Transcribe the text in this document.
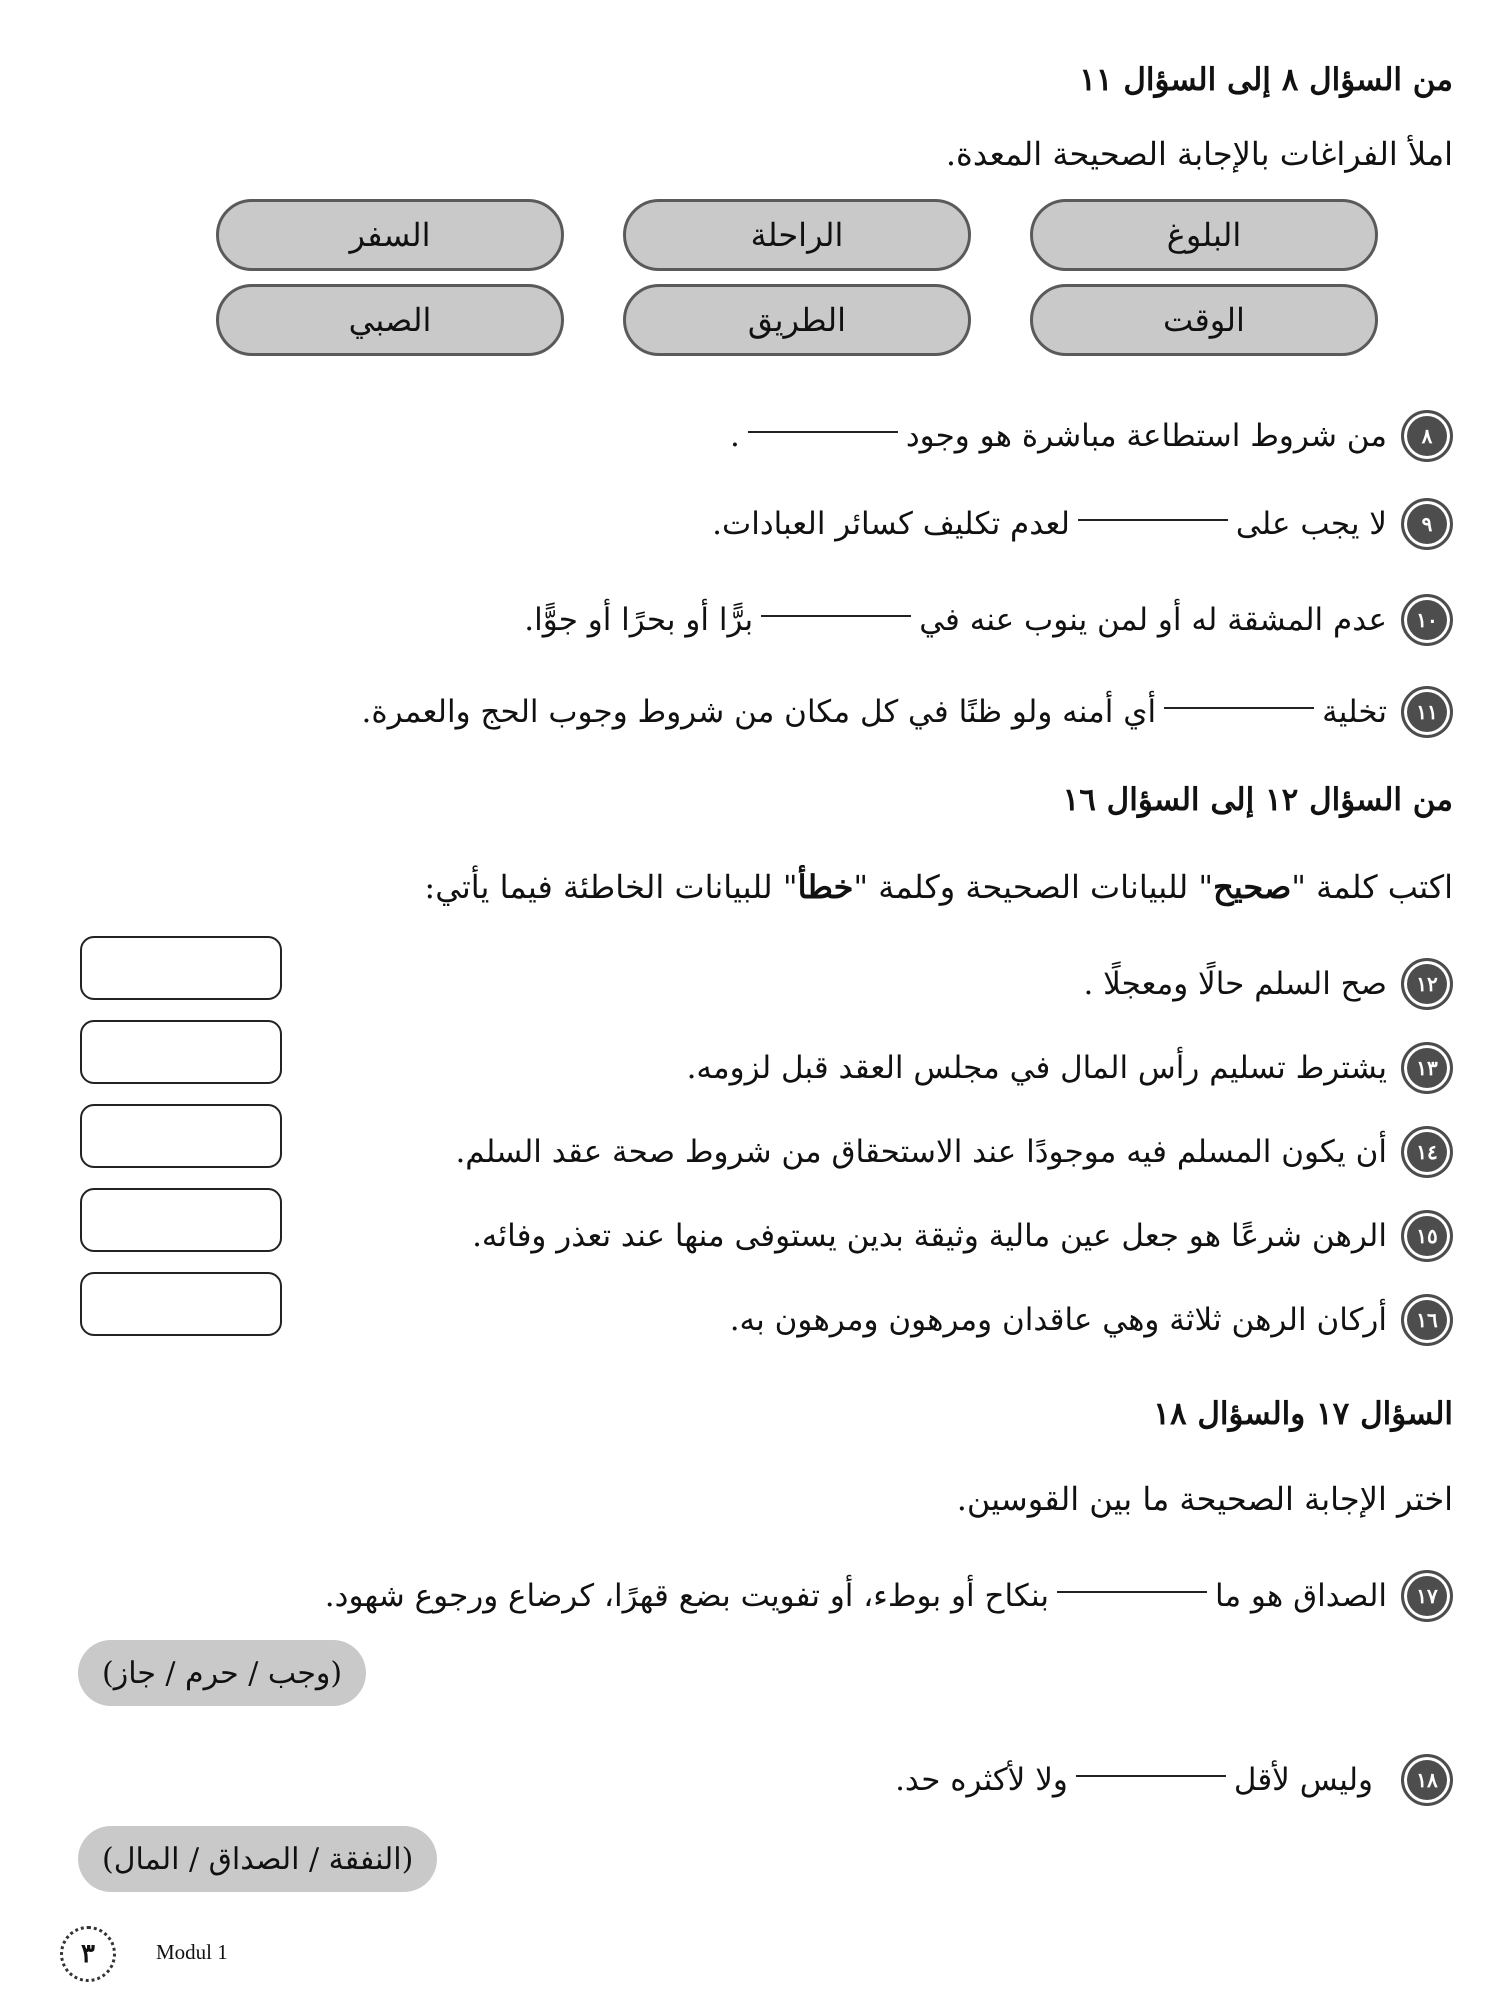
من السؤال ٨ إلى السؤال ١١
املأ الفراغات بالإجابة الصحيحة المعدة.
البلوغ
الراحلة
السفر
الوقت
الطريق
الصبي
٨
من شروط استطاعة مباشرة هو وجود
.
٩
لا يجب على
لعدم تكليف كسائر العبادات.
١٠
عدم المشقة له أو لمن ينوب عنه في
برًّا أو بحرًا أو جوًّا.
١١
تخلية
أي أمنه ولو ظنًا في كل مكان من شروط وجوب الحج والعمرة.
من السؤال ١٢ إلى السؤال ١٦
اكتب كلمة "صحيح" للبيانات الصحيحة وكلمة "خطأ" للبيانات الخاطئة فيما يأتي:
١٢
صح السلم حالًا ومعجلًا .
١٣
يشترط تسليم رأس المال في مجلس العقد قبل لزومه.
١٤
أن يكون المسلم فيه موجودًا عند الاستحقاق من شروط صحة عقد السلم.
١٥
الرهن شرعًا هو جعل عين مالية وثيقة بدين يستوفى منها عند تعذر وفائه.
١٦
أركان الرهن ثلاثة وهي عاقدان ومرهون ومرهون به.
السؤال ١٧ والسؤال ١٨
اختر الإجابة الصحيحة ما بين القوسين.
١٧
الصداق هو ما
بنكاح أو بوطء، أو تفويت بضع قهرًا، كرضاع ورجوع شهود.
(وجب / حرم / جاز)
١٨
وليس لأقل
ولا لأكثره حد.
(النفقة / الصداق / المال)
٣	Modul 1
